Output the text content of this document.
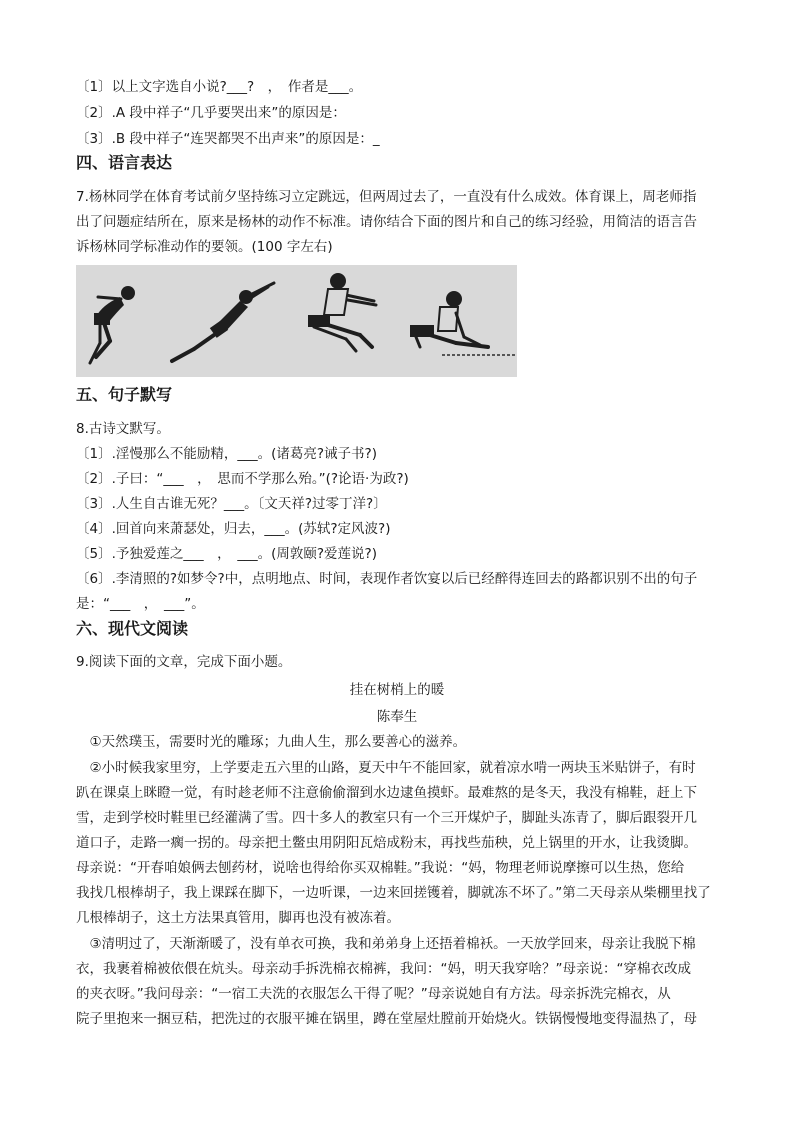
〔1〕以上文字选自小说?___?　，　作者是___。
〔2〕.A 段中祥子“几乎要哭出来”的原因是：
〔3〕.B 段中祥子“连哭都哭不出声来”的原因是：_
四、语言表达
7.杨林同学在体育考试前夕坚持练习立定跳远，但两周过去了，一直没有什么成效。体育课上，周老师指
出了问题症结所在，原来是杨林的动作不标准。请你结合下面的图片和自己的练习经验，用简洁的语言告
诉杨林同学标准动作的要领。(100 字左右)
五、句子默写
8.古诗文默写。
〔1〕.淫慢那么不能励精，___。(诸葛亮?诫子书?)
〔2〕.子曰：“___　，　思而不学那么殆。”(?论语·为政?)
〔3〕.人生自古谁无死？___。〔文天祥?过零丁洋?〕
〔4〕.回首向来萧瑟处，归去，___。(苏轼?定风波?)
〔5〕.予独爱莲之___　，　___。(周敦颐?爱莲说?)
〔6〕.李清照的?如梦令?中，点明地点、时间，表现作者饮宴以后已经醉得连回去的路都识别不出的句子
是：“___　，　___”。
六、现代文阅读
9.阅读下面的文章，完成下面小题。
挂在树梢上的暖
陈奉生
　①天然璞玉，需要时光的雕琢；九曲人生，那么要善心的滋养。
　②小时候我家里穷，上学要走五六里的山路，夏天中午不能回家，就着凉水啃一两块玉米贴饼子，有时
趴在课桌上眯瞪一觉，有时趁老师不注意偷偷溜到水边逮鱼摸虾。最难熬的是冬天，我没有棉鞋，赶上下
雪，走到学校时鞋里已经灌满了雪。四十多人的教室只有一个三开煤炉子，脚趾头冻青了，脚后跟裂开几
道口子，走路一瘸一拐的。母亲把土鳖虫用阴阳瓦焙成粉末，再找些茄秧，兑上锅里的开水，让我烫脚。
母亲说：“开春咱娘俩去刨药材，说啥也得给你买双棉鞋。”我说：“妈，物理老师说摩擦可以生热，您给
我找几根棒胡子，我上课踩在脚下，一边听课，一边来回搓镬着，脚就冻不坏了。”第二天母亲从柴棚里找了
几根棒胡子，这土方法果真管用，脚再也没有被冻着。
　③清明过了，天渐渐暖了，没有单衣可换，我和弟弟身上还捂着棉袄。一天放学回来，母亲让我脱下棉
衣，我裹着棉被依偎在炕头。母亲动手拆洗棉衣棉裤，我问：“妈，明天我穿啥？”母亲说：“穿棉衣改成
的夹衣呀。”我问母亲：“一宿工夫洗的衣服怎么干得了呢？”母亲说她自有方法。母亲拆洗完棉衣，从
院子里抱来一捆豆秸，把洗过的衣服平摊在锅里，蹲在堂屋灶膛前开始烧火。铁锅慢慢地变得温热了，母
